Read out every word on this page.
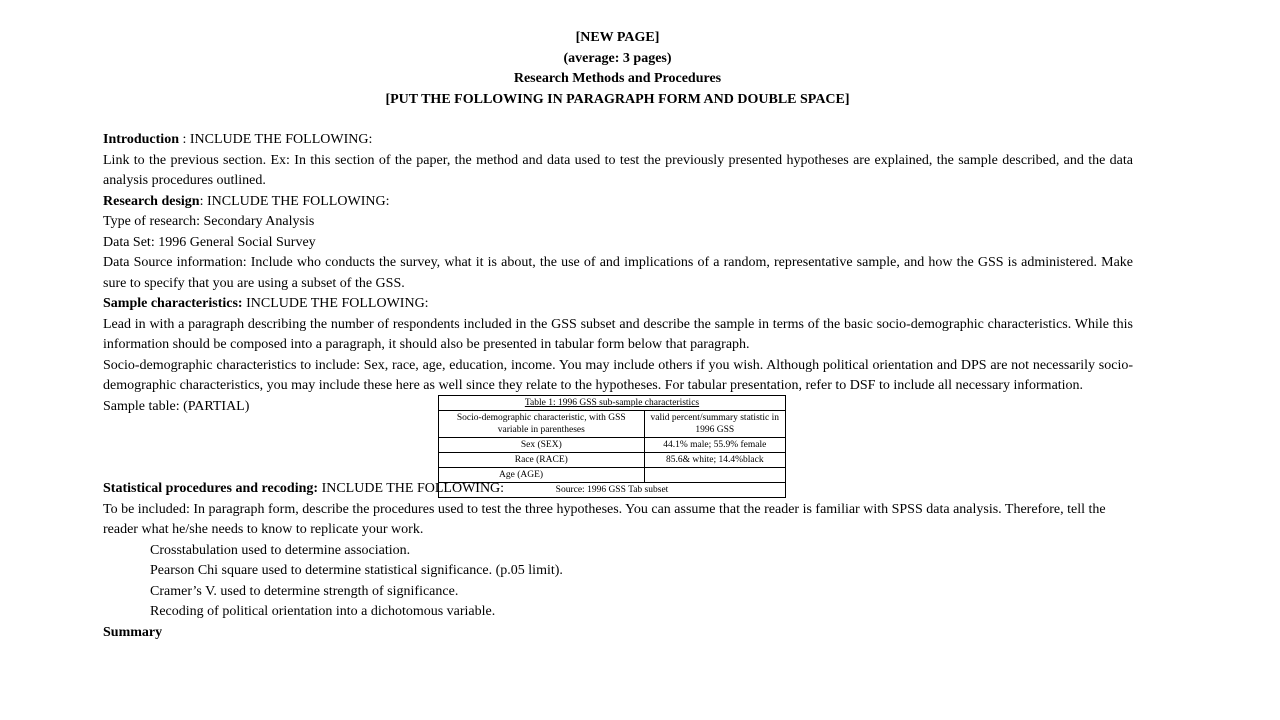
[NEW PAGE]
(average: 3 pages)
Research Methods and Procedures
[PUT THE FOLLOWING IN PARAGRAPH FORM AND DOUBLE SPACE]

Introduction : INCLUDE THE FOLLOWING:

Link to the previous section. Ex: In this section of the paper, the method and data used to test the previously presented hypotheses are explained, the sample described, and the data analysis procedures outlined.

Research design: INCLUDE THE FOLLOWING:

Type of research: Secondary Analysis

Data Set: 1996 General Social Survey

Data Source information: Include who conducts the survey, what it is about, the use of and implications of a random, representative sample, and how the GSS is administered. Make sure to specify that you are using a subset of the GSS.

Sample characteristics: INCLUDE THE FOLLOWING:

Lead in with a paragraph describing the number of respondents included in the GSS subset and describe the sample in terms of the basic socio-demographic characteristics. While this information should be composed into a paragraph, it should also be presented in tabular form below that paragraph.

Socio-demographic characteristics to include: Sex, race, age, education, income. You may include others if you wish. Although political orientation and DPS are not necessarily socio-demographic characteristics, you may include these here as well since they relate to the hypotheses. For tabular presentation, refer to DSF to include all necessary information.

Sample table: (PARTIAL)

Statistical procedures and recoding: INCLUDE THE FOLLOWING:

To be included: In paragraph form, describe the procedures used to test the three hypotheses. You can assume that the reader is familiar with SPSS data analysis. Therefore, tell the reader what he/she needs to know to replicate your work.

Crosstabulation used to determine association.
Pearson Chi square used to determine statistical significance. (p.05 limit).
Cramer’s V. used to determine strength of significance.
Recoding of political orientation into a dichotomous variable.

Summary

Table 1: 1996 GSS sub-sample characteristics	
Socio-demographic characteristic, with GSS variable in parentheses	valid percent/summary statistic in 1996 GSS
Sex (SEX)	44.1% male; 55.9% female
Race (RACE)	85.6& white; 14.4%black
Age (AGE)	
Source: 1996 GSS Tab subset	
